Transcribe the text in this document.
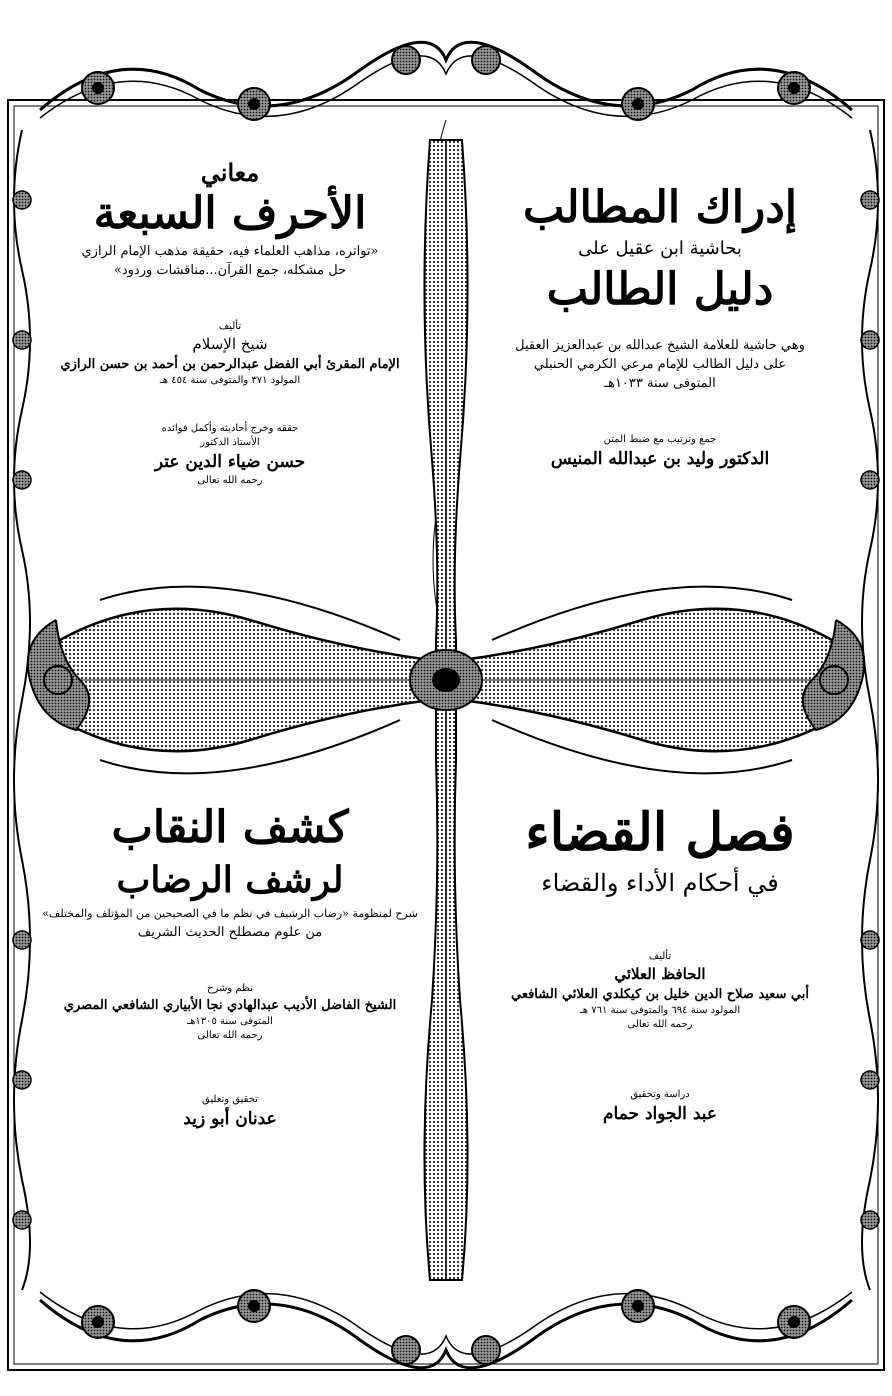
إدراك المطالب
بحاشية ابن عقيل على
دليل الطالب
وهي حاشية للعلامة الشيخ عبدالله بن عبدالعزيز العقيل
على دليل الطالب للإمام مرعي الكرمي الحنبلي
المتوفى سنة ١٠٣٣هـ
جمع وترتيب مع ضبط المتن
الدكتور وليد بن عبدالله المنيس
معاني
الأحرف السبعة
«تواتره، مذاهب العلماء فيه، حقيقة مذهب الإمام الرازي
حل مشكله، جمع القرآن...مناقشات وردود»
تأليف
شيخ الإسلام
الإمام المقرئ أبي الفضل عبدالرحمن بن أحمد بن حسن الرازي
المولود ٣٧١ والمتوفى سنة ٤٥٤ هـ
حققه وخرج أحاديثه وأكمل فوائده
الأستاذ الدكتور
حسن ضياء الدين عتر
رحمه الله تعالى
فصل القضاء
في أحكام الأداء والقضاء
تأليف
الحافظ العلائي
أبي سعيد صلاح الدين خليل بن كيكلدي العلائي الشافعي
المولود سنة ٦٩٤ والمتوفى سنة ٧٦١ هـ
رحمه الله تعالى
دراسة وتحقيق
عبد الجواد حمام
كشف النقاب
لرشف الرضاب
شرح لمنظومة «رضاب الرشيف في نظم ما في الصحيحين من المؤتلف والمختلف»
من علوم مصطلح الحديث الشريف
نظم وشرح
الشيخ الفاضل الأديب عبدالهادي نجا الأبياري الشافعي المصري
المتوفى سنة ١٣٠٥هـ
رحمه الله تعالى
تحقيق وتعليق
عدنان أبو زيد
